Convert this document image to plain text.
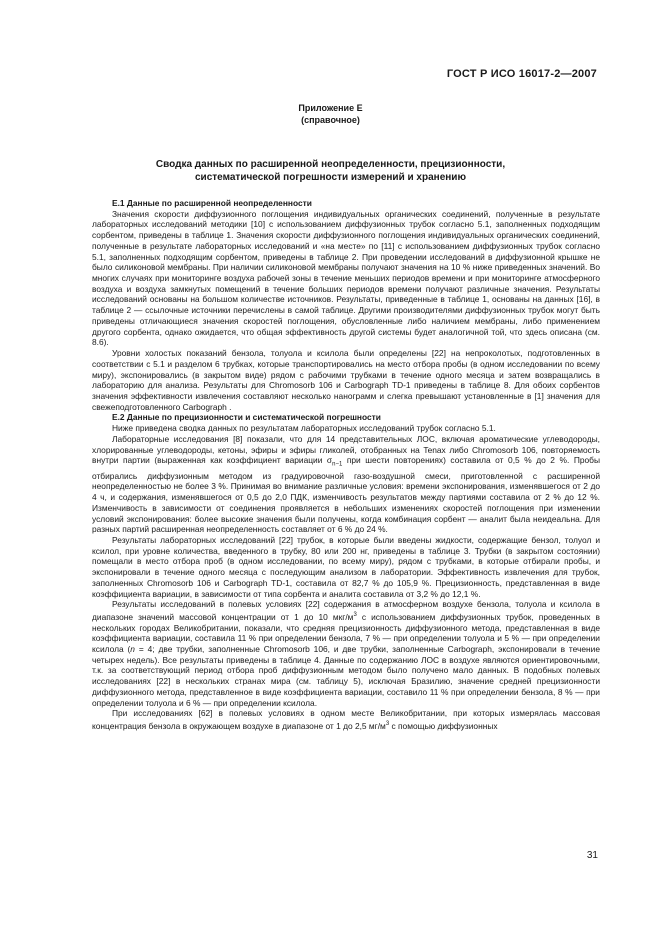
ГОСТ Р ИСО 16017-2—2007
Приложение Е
(справочное)
Сводка данных по расширенной неопределенности, прецизионности,
систематической погрешности измерений и хранению
Е.1 Данные по расширенной неопределенности

Значения скорости диффузионного поглощения индивидуальных органических соединений, полученные в результате лабораторных исследований методики [10] с использованием диффузионных трубок согласно 5.1, заполненных подходящим сорбентом, приведены в таблице 1. Значения скорости диффузионного поглощения индивидуальных органических соединений, полученные в результате лабораторных исследований и «на месте» по [11] с использованием диффузионных трубок согласно 5.1, заполненных подходящим сорбентом, приведены в таблице 2. При проведении исследований в диффузионной крышке не было силиконовой мембраны. При наличии силиконовой мембраны получают значения на 10 % ниже приведенных значений. Во многих случаях при мониторинге воздуха рабочей зоны в течение меньших периодов времени и при мониторинге атмосферного воздуха и воздуха замкнутых помещений в течение больших периодов времени получают различные значения. Результаты исследований основаны на большом количестве источников. Результаты, приведенные в таблице 1, основаны на данных [16], в таблице 2 — ссылочные источники перечислены в самой таблице. Другими производителями диффузионных трубок могут быть приведены отличающиеся значения скоростей поглощения, обусловленные либо наличием мембраны, либо применением другого сорбента, однако ожидается, что общая эффективность другой системы будет аналогичной той, что здесь описана (см. 8.6).

Уровни холостых показаний бензола, толуола и ксилола были определены [22] на непроколотых, подготовленных в соответствии с 5.1 и разделом 6 трубках, которые транспортировались на место отбора пробы (в одном исследовании по всему миру), экспонировались (в закрытом виде) рядом с рабочими трубками в течение одного месяца и затем возвращались в лабораторию для анализа. Результаты для Chromosorb 106 и Carbograph TD-1 приведены в таблице 8. Для обоих сорбентов значения эффективности извлечения составляют несколько нанограмм и слегка превышают установленные в [1] значения для свежеподготовленного Carbograph .

Е.2 Данные по прецизионности и систематической погрешности

Ниже приведена сводка данных по результатам лабораторных исследований трубок согласно 5.1.

Лабораторные исследования [8] показали, что для 14 представительных ЛОС, включая ароматические углеводороды, хлорированные углеводороды, кетоны, эфиры и эфиры гликолей, отобранных на Tenax либо Chromosorb 106, повторяемость внутри партии (выраженная как коэффициент вариации $\sigma_{n-1}$ при шести повторениях) составила от 0,5 % до 2 %. Пробы отбирались диффузионным методом из градуировочной газо-воздушной смеси, приготовленной с расширенной неопределенностью не более 3 %. Принимая во внимание различные условия: времени экспонирования, изменявшегося от 2 до 4 ч, и содержания, изменявшегося от 0,5 до 2,0 ПДК, изменчивость результатов между партиями составила от 2 % до 12 %. Изменчивость в зависимости от соединения проявляется в небольших изменениях скоростей поглощения при изменении условий экспонирования: более высокие значения были получены, когда комбинация сорбент — аналит была неидеальна. Для разных партий расширенная неопределенность составляет от 6 % до 24 %.

Результаты лабораторных исследований [22] трубок, в которые были введены жидкости, содержащие бензол, толуол и ксилол, при уровне количества, введенного в трубку, 80 или 200 нг, приведены в таблице 3. Трубки (в закрытом состоянии) помещали в место отбора проб (в одном исследовании, по всему миру), рядом с трубками, в которые отбирали пробы, и экспонировали в течение одного месяца с последующим анализом в лаборатории. Эффективность извлечения для трубок, заполненных Chromosorb 106 и Carbograph TD-1, составила от 82,7 % до 105,9 %. Прецизионность, представленная в виде коэффициента вариации, в зависимости от типа сорбента и аналита составила от 3,2 % до 12,1 %.

Результаты исследований в полевых условиях [22] содержания в атмосферном воздухе бензола, толуола и ксилола в диапазоне значений массовой концентрации от 1 до 10 мкг/$м^3$ с использованием диффузионных трубок, проведенных в нескольких городах Великобритании, показали, что средняя прецизионность диффузионного метода, представленная в виде коэффициента вариации, составила 11 % при определении бензола, 7 % — при определении толуола и 5 % — при определении ксилола (n = 4; две трубки, заполненные Chromosorb 106, и две трубки, заполненные Carbograph, экспонировали в течение четырех недель). Все результаты приведены в таблице 4. Данные по содержанию ЛОС в воздухе являются ориентировочными, т.к. за соответствующий период отбора проб диффузионным методом было получено мало данных. В подобных полевых исследованиях [22] в нескольких странах мира (см. таблицу 5), исключая Бразилию, значение средней прецизионности диффузионного метода, представленное в виде коэффициента вариации, составило 11 % при определении бензола, 8 % — при определении толуола и 6 % — при определении ксилола.

При исследованиях [62] в полевых условиях в одном месте Великобритании, при которых измерялась массовая концентрация бензола в окружающем воздухе в диапазоне от 1 до 2,5 $мг/м^3$ с помощью диффузионных

31
